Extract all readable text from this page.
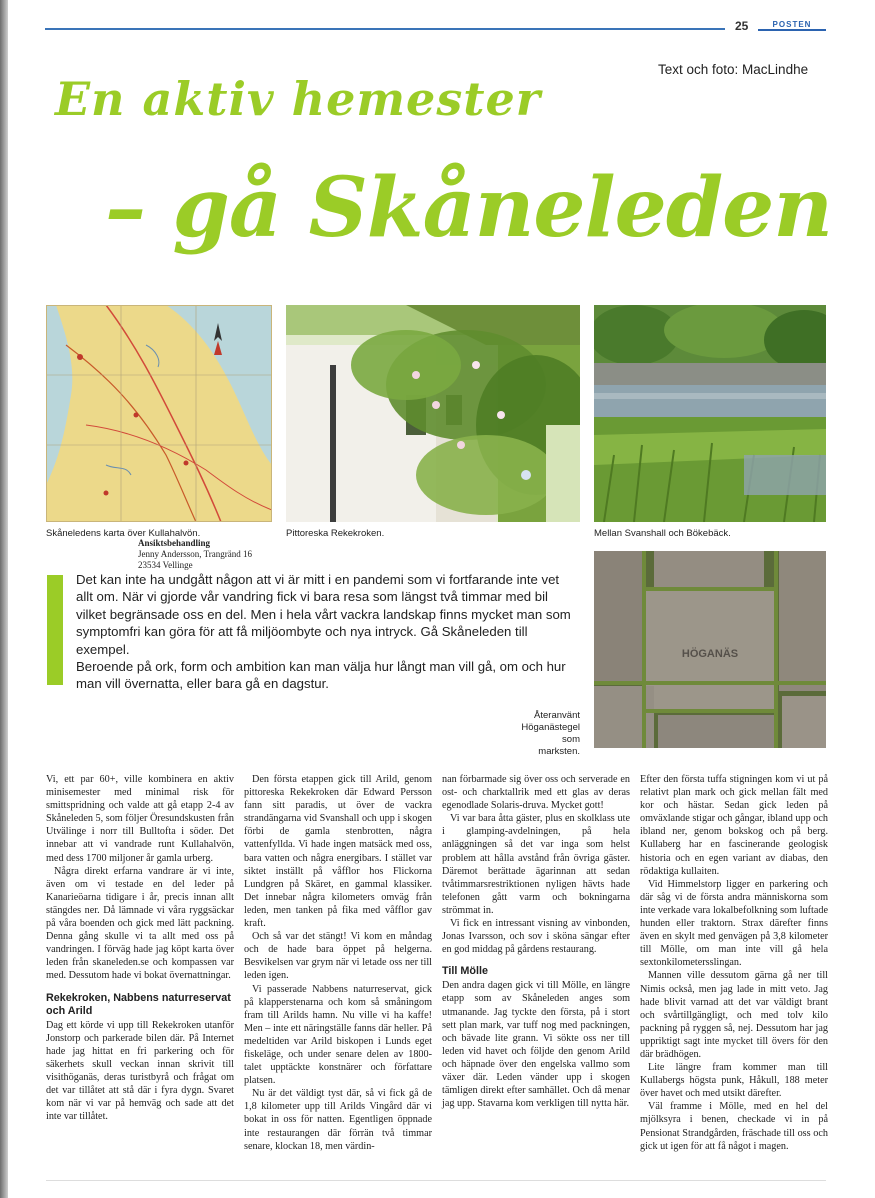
25	POSTEN
Text och foto: MacLindhe
En aktiv hemester
– gå Skåneleden
HÖGANÄS
Skåneledens karta över Kullahalvön.	Pittoreska Rekekroken.	Mellan Svanshall och Bökebäck.
Återanvänt Höganästegel som marksten.
Ansiktsbehandling
Jenny Andersson, Trangränd 16
23534 Vellinge

Det kan inte ha undgått någon att vi är mitt i en pandemi som vi fortfarande inte vet allt om. När vi gjorde vår vandring fick vi bara resa som längst två timmar med bil vilket begränsade oss en del. Men i hela vårt vackra landskap finns mycket man som symptomfri kan göra för att få miljöombyte och nya intryck. Gå Skåneleden till exempel.

Beroende på ork, form och ambition kan man välja hur långt man vill gå, om och hur man vill övernatta, eller bara gå en dagstur.

Vi, ett par 60+, ville kombinera en aktiv minisemester med minimal risk för smittspridning och valde att gå etapp 2-4 av Skåneleden 5, som följer Öresundskusten från Utvälinge i norr till Bulltofta i söder. Det innebar att vi vandrade runt Kullahalvön, med dess 1700 miljoner år gamla urberg.

Några direkt erfarna vandrare är vi inte, även om vi testade en del leder på Kanarieöarna tidigare i år, precis innan allt stängdes ner. Då lämnade vi våra ryggsäckar på våra boenden och gick med lätt packning. Denna gång skulle vi ta allt med oss på vandringen. I förväg hade jag köpt karta över leden från skaneleden.se och kompassen var med. Dessutom hade vi bokat övernattningar.

Rekekroken, Nabbens naturreservat och Arild

Dag ett körde vi upp till Rekekroken utanför Jonstorp och parkerade bilen där. På Internet hade jag hittat en fri parkering och för säkerhets skull veckan innan skrivit till visithöganäs, deras turistbyrå och frågat om det var tillåtet att stå där i fyra dygn. Svaret kom när vi var på hemväg och sade att det inte var tillåtet.

Den första etappen gick till Arild, genom pittoreska Rekekroken där Edward Persson fann sitt paradis, ut över de vackra strandängarna vid Svanshall och upp i skogen förbi de gamla stenbrotten, några vattenfyllda. Vi hade ingen matsäck med oss, bara vatten och några energibars. I stället var siktet inställt på våfflor hos Flickorna Lundgren på Skäret, en gammal klassiker. Det innebar några kilometers omväg från leden, men tanken på fika med våfflor gav kraft.

Och så var det stängt! Vi kom en måndag och de hade bara öppet på helgerna. Besvikelsen var grym när vi letade oss ner till leden igen.

Vi passerade Nabbens naturreservat, gick på klapperstenarna och kom så småningom fram till Arilds hamn. Nu ville vi ha kaffe! Men – inte ett näringställe fanns där heller. På medeltiden var Arild biskopen i Lunds eget fiskeläge, och under senare delen av 1800-talet upptäckte konstnärer och författare platsen.

Nu är det väldigt tyst där, så vi fick gå de 1,8 kilometer upp till Arilds Vingård där vi bokat in oss för natten. Egentligen öppnade inte restaurangen där förrän två timmar senare, klockan 18, men värdin-

nan förbarmade sig över oss och serverade en ost- och charktallrik med ett glas av deras egenodlade Solaris-druva. Mycket gott!

Vi var bara åtta gäster, plus en skolklass ute i glamping-avdelningen, på hela anläggningen så det var inga som helst problem att hålla avstånd från övriga gäster. Däremot berättade ägarinnan att sedan tvåtimmarsrestriktionen nyligen hävts hade telefonen gått varm och bokningarna strömmat in.

Vi fick en intressant visning av vinbonden, Jonas Ivarsson, och sov i sköna sängar efter en god middag på gårdens restaurang.

Till Mölle

Den andra dagen gick vi till Mölle, en längre etapp som av Skåneleden anges som utmanande. Jag tyckte den första, på i stort sett plan mark, var tuff nog med packningen, och bävade lite grann. Vi sökte oss ner till leden vid havet och följde den genom Arild och häpnade över den engelska vallmo som växer där. Leden vänder upp i skogen tämligen direkt efter samhället. Och då menar jag upp. Stavarna kom verkligen till nytta här.

Efter den första tuffa stigningen kom vi ut på relativt plan mark och gick mellan fält med kor och hästar. Sedan gick leden på omväxlande stigar och gångar, ibland upp och ibland ner, genom bokskog och på berg. Kullaberg har en fascinerande geologisk historia och en egen variant av diabas, den rödaktiga kullaiten.

Vid Himmelstorp ligger en parkering och där såg vi de första andra människorna som inte verkade vara lokalbefolkning som luftade hunden eller traktorn. Strax därefter finns även en skylt med genvägen på 3,8 kilometer till Mölle, om man inte vill gå hela sextonkilometersslingan.

Mannen ville dessutom gärna gå ner till Nimis också, men jag lade in mitt veto. Jag hade blivit varnad att det var väldigt brant och svårtillgängligt, och med tolv kilo packning på ryggen så, nej. Dessutom har jag uppriktigt sagt inte mycket till övers för den där brädhögen.

Lite längre fram kommer man till Kullabergs högsta punk, Håkull, 188 meter över havet och med utsikt därefter.

Väl framme i Mölle, med en hel del mjölksyra i benen, checkade vi in på Pensionat Strandgården, fräschade till oss och gick ut igen för att få något i magen.
